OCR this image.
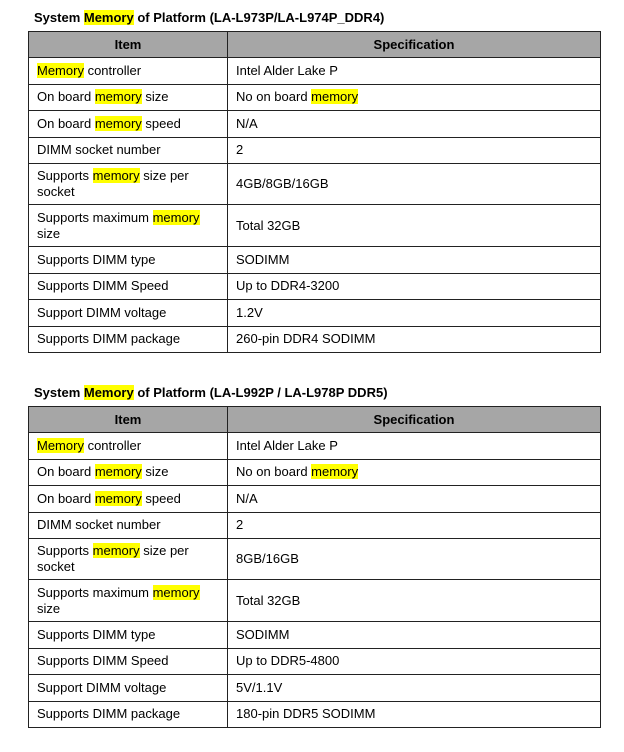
System Memory of Platform (LA-L973P/LA-L974P_DDR4)
Item	Specification
Memory controller	Intel Alder Lake P
On board memory size	No on board memory
On board memory speed	N/A
DIMM socket number	2
Supports memory size per socket	4GB/8GB/16GB
Supports maximum memory size	Total 32GB
Supports DIMM type	SODIMM
Supports DIMM Speed	Up to DDR4-3200
Support DIMM voltage	1.2V
Supports DIMM package	260-pin DDR4 SODIMM
System Memory of Platform (LA-L992P / LA-L978P DDR5)
Item	Specification
Memory controller	Intel Alder Lake P
On board memory size	No on board memory
On board memory speed	N/A
DIMM socket number	2
Supports memory size per socket	8GB/16GB
Supports maximum memory size	Total 32GB
Supports DIMM type	SODIMM
Supports DIMM Speed	Up to DDR5-4800
Support DIMM voltage	5V/1.1V
Supports DIMM package	180-pin DDR5 SODIMM
